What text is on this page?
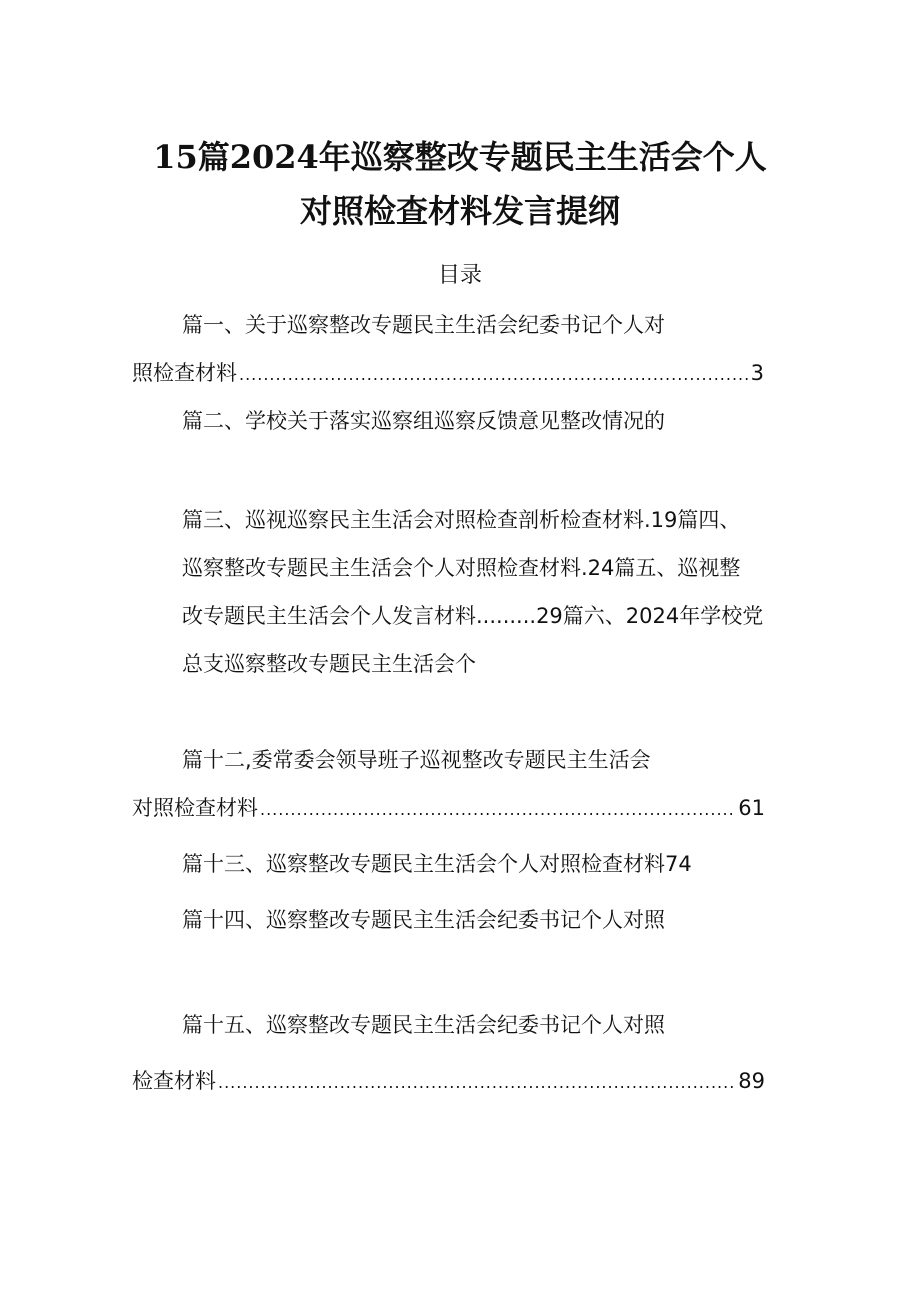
15篇2024年巡察整改专题民主生活会个人
对照检查材料发言提纲
目录
篇一、关于巡察整改专题民主生活会纪委书记个人对
照检查材料 .....	3
篇二、学校关于落实巡察组巡察反馈意见整改情况的
篇三、巡视巡察民主生活会对照检查剖析检查材料.19篇四、
巡察整改专题民主生活会个人对照检查材料.24篇五、巡视整
改专题民主生活会个人发言材料.........29篇六、2024年学校党
总支巡察整改专题民主生活会个
篇十二,委常委会领导班子巡视整改专题民主生活会
对照检查材料 .....	61
篇十三、巡察整改专题民主生活会个人对照检查材料74
篇十四、巡察整改专题民主生活会纪委书记个人对照
篇十五、巡察整改专题民主生活会纪委书记个人对照
检查材料 .....	89
